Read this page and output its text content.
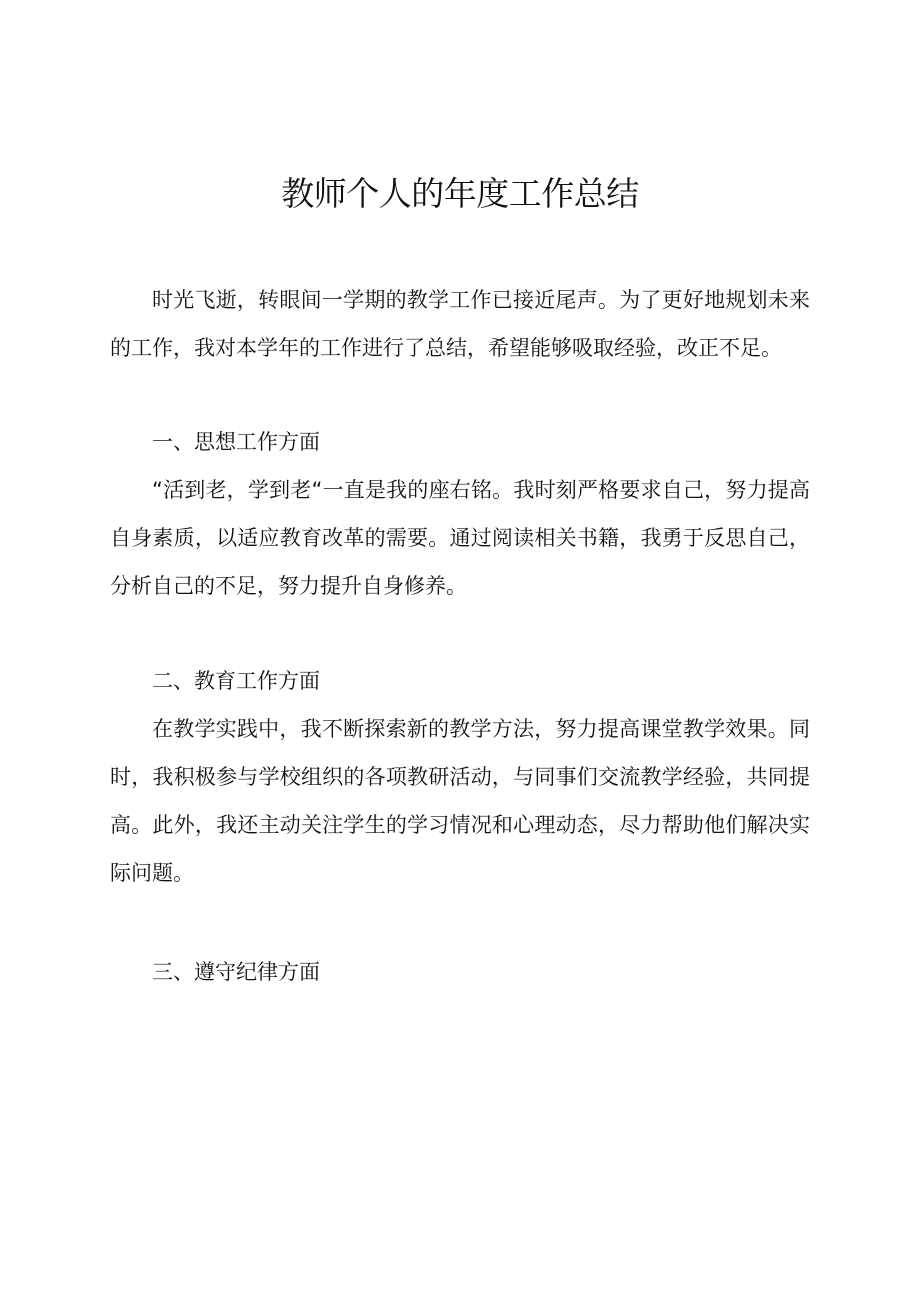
教师个人的年度工作总结

时光飞逝，转眼间一学期的教学工作已接近尾声。为了更好地规划未来的工作，我对本学年的工作进行了总结，希望能够吸取经验，改正不足。

一、思想工作方面

“活到老，学到老“一直是我的座右铭。我时刻严格要求自己，努力提高自身素质，以适应教育改革的需要。通过阅读相关书籍，我勇于反思自己，分析自己的不足，努力提升自身修养。

二、教育工作方面

在教学实践中，我不断探索新的教学方法，努力提高课堂教学效果。同时，我积极参与学校组织的各项教研活动，与同事们交流教学经验，共同提高。此外，我还主动关注学生的学习情况和心理动态，尽力帮助他们解决实际问题。

三、遵守纪律方面
